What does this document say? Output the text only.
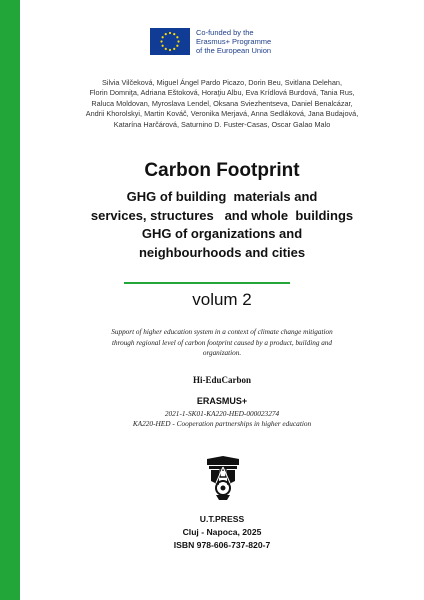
Co-funded by the
Erasmus+ Programme
of the European Union
Silvia Vilčeková, Miguel Ángel Pardo Picazo, Dorin Beu, Svitlana Delehan,
Florin Domniţa, Adriana Eštoková, Horaţiu Albu, Eva Krídlová Burdová, Tania Rus,
Raluca Moldovan, Myroslava Lendel, Oksana Sviezhentseva, Daniel Benalcázar,
Andrii Khorolskyi, Martin Kováč, Veronika Merjavá, Anna Sedláková, Jana Budajová,
Katarína Harčárová, Saturnino D. Fuster-Casas, Oscar Galao Malo
Carbon Footprint
GHG of building  materials and
services, structures   and whole  buildings
GHG of organizations and
neighbourhoods and cities
volum 2
Support of higher education system in a context of climate change mitigation
through regional level of carbon footprint caused by a product, building and
organization.
Hi-EduCarbon
ERASMUS+
2021-1-SK01-KA220-HED-000023274
KA220-HED - Cooperation partnerships in higher education
U.T.PRESS
Cluj - Napoca, 2025
ISBN 978-606-737-820-7
